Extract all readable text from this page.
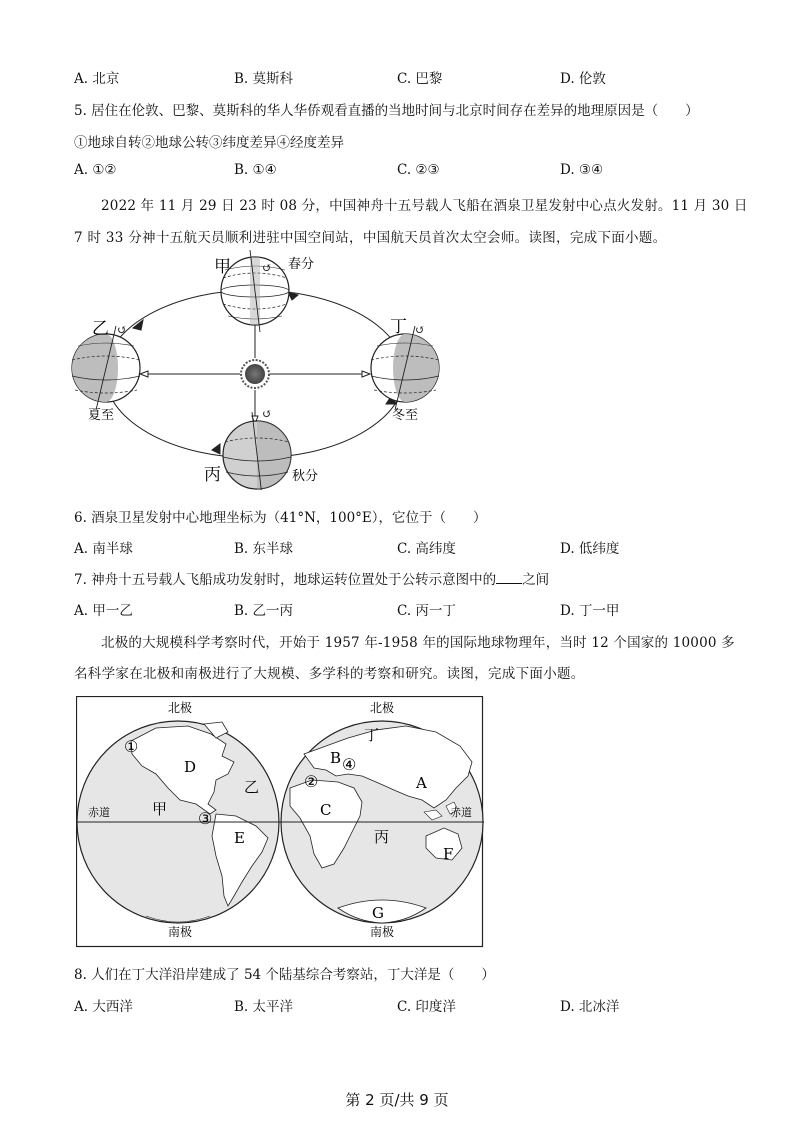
A. 北京	B. 莫斯科	C. 巴黎	D. 伦敦
5. 居住在伦敦、巴黎、莫斯科的华人华侨观看直播的当地时间与北京时间存在差异的地理原因是（　　）
①地球自转②地球公转③纬度差异④经度差异
A. ①②	B. ①④	C. ②③	D. ③④
2022 年 11 月 29 日 23 时 08 分，中国神舟十五号载人飞船在酒泉卫星发射中心点火发射。11 月 30 日
7 时 33 分神十五航天员顺利进驻中国空间站，中国航天员首次太空会师。读图，完成下面小题。
↺
↺	↺
↺
甲	春分
乙
夏至
丁
冬至
丙	秋分
6. 酒泉卫星发射中心地理坐标为（41°N，100°E），它位于（　　）
A. 南半球	B. 东半球	C. 高纬度	D. 低纬度
7. 神舟十五号载人飞船成功发射时，地球运转位置处于公转示意图中的 之间
A. 甲一乙	B. 乙一丙	C. 丙一丁	D. 丁一甲
北极的大规模科学考察时代，开始于 1957 年-1958 年的国际地球物理年，当时 12 个国家的 10000 多
名科学家在北极和南极进行了大规模、多学科的考察和研究。读图，完成下面小题。
北极	北极
南极	南极
赤道	赤道
甲
乙
丙
丁
A
B
C
D
E
F
G
①
②
③
④
8. 人们在丁大洋沿岸建成了 54 个陆基综合考察站，丁大洋是（　　）
A. 大西洋	B. 太平洋	C. 印度洋	D. 北冰洋
第 2 页/共 9 页
